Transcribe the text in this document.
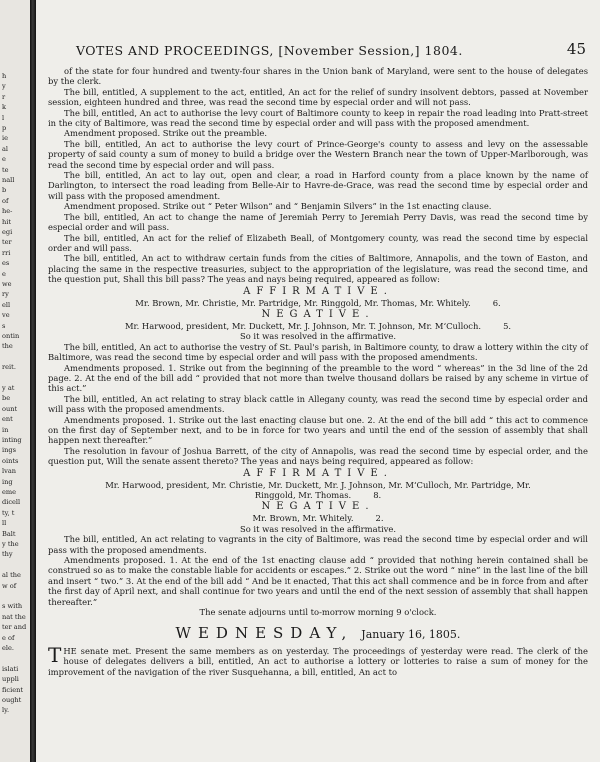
h
y
r
k
l
p
ie
al
e
te
nall
b
of
he-
hit
egi
ter
rri
es
e
we
ry
ell
ve
s
ontin
the
reit.
y at
be
ount
ent
in
inting
ings
oints
lvan
ing
eme
dicell
ty, t
ll
Balt
y the
thy
al the
w of
s with
nat the
ter and
e of
ele.
islati
uppli
ficient
ought
ly.
VOTES AND PROCEEDINGS, [November Session,] 1804.	45

of the state for four hundred and twenty-four shares in the Union bank of Maryland, were sent to the house of delegates by the clerk.

The bill, entitled, A supplement to the act, entitled, An act for the relief of sundry insolvent debtors, passed at November session, eighteen hundred and three, was read the second time by especial order and will not pass.

The bill, entitled, An act to authorise the levy court of Baltimore county to keep in repair the road leading into Pratt-street in the city of Baltimore, was read the second time by especial order and will pass with the proposed amendment.

Amendment proposed. Strike out the preamble.

The bill, entitled, An act to authorise the levy court of Prince-George's county to assess and levy on the assessable property of said county a sum of money to build a bridge over the Western Branch near the town of Upper-Marlborough, was read the second time by especial order and will pass.

The bill, entitled, An act to lay out, open and clear, a road in Harford county from a place known by the name of Darlington, to intersect the road leading from Belle-Air to Havre-de-Grace, was read the second time by especial order and will pass with the proposed amendment.

Amendment proposed. Strike out “ Peter Wilson” and “ Benjamin Silvers” in the 1st enacting clause.

The bill, entitled, An act to change the name of Jeremiah Perry to Jeremiah Perry Davis, was read the second time by especial order and will pass.

The bill, entitled, An act for the relief of Elizabeth Beall, of Montgomery county, was read the second time by especial order and will pass.

The bill, entitled, An act to withdraw certain funds from the cities of Baltimore, Annapolis, and the town of Easton, and placing the same in the respective treasuries, subject to the appropriation of the legislature, was read the second time, and the question put, Shall this bill pass? The yeas and nays being required, appeared as follow:

AFFIRMATIVE.

Mr. Brown, Mr. Christie, Mr. Partridge, Mr. Ringgold, Mr. Thomas, Mr. Whitely.	6.

NEGATIVE.

Mr. Harwood, president, Mr. Duckett, Mr. J. Johnson, Mr. T. Johnson, Mr. M‘Culloch.	5.

So it was resolved in the affirmative.

The bill, entitled, An act to authorise the vestry of St. Paul's parish, in Baltimore county, to draw a lottery within the city of Baltimore, was read the second time by especial order and will pass with the proposed amendments.

Amendments proposed. 1. Strike out from the beginning of the preamble to the word “ whereas” in the 3d line of the 2d page. 2. At the end of the bill add “ provided that not more than twelve thousand dollars be raised by any scheme in virtue of this act.”

The bill, entitled, An act relating to stray black cattle in Allegany county, was read the second time by especial order and will pass with the proposed amendments.

Amendments proposed. 1. Strike out the last enacting clause but one. 2. At the end of the bill add “ this act to commence on the first day of September next, and to be in force for two years and until the end of the session of assembly that shall happen next thereafter.”

The resolution in favour of Joshua Barrett, of the city of Annapolis, was read the second time by especial order, and the question put, Will the senate assent thereto? The yeas and nays being required, appeared as follow:

AFFIRMATIVE.

Mr. Harwood, president, Mr. Christie, Mr. Duckett, Mr. J. Johnson, Mr. M‘Culloch, Mr. Partridge, Mr.

Ringgold, Mr. Thomas.	8.

NEGATIVE.

Mr. Brown, Mr. Whitely.	2.

So it was resolved in the affirmative.

The bill, entitled, An act relating to vagrants in the city of Baltimore, was read the second time by especial order and will pass with the proposed amendments.

Amendments proposed. 1. At the end of the 1st enacting clause add “ provided that nothing herein contained shall be construed so as to make the constable liable for accidents or escapes.” 2. Strike out the word “ nine” in the last line of the bill and insert “ two.” 3. At the end of the bill add “ And be it enacted, That this act shall commence and be in force from and after the first day of April next, and shall continue for two years and until the end of the next session of assembly that shall happen thereafter.”

The senate adjourns until to-morrow morning 9 o'clock.

WEDNESDAY, January 16, 1805.

THE senate met. Present the same members as on yesterday. The proceedings of yesterday were read. The clerk of the house of delegates delivers a bill, entitled, An act to authorise a lottery or lotteries to raise a sum of money for the improvement of the navigation of the river Susquehanna, a bill, entitled, An act to
